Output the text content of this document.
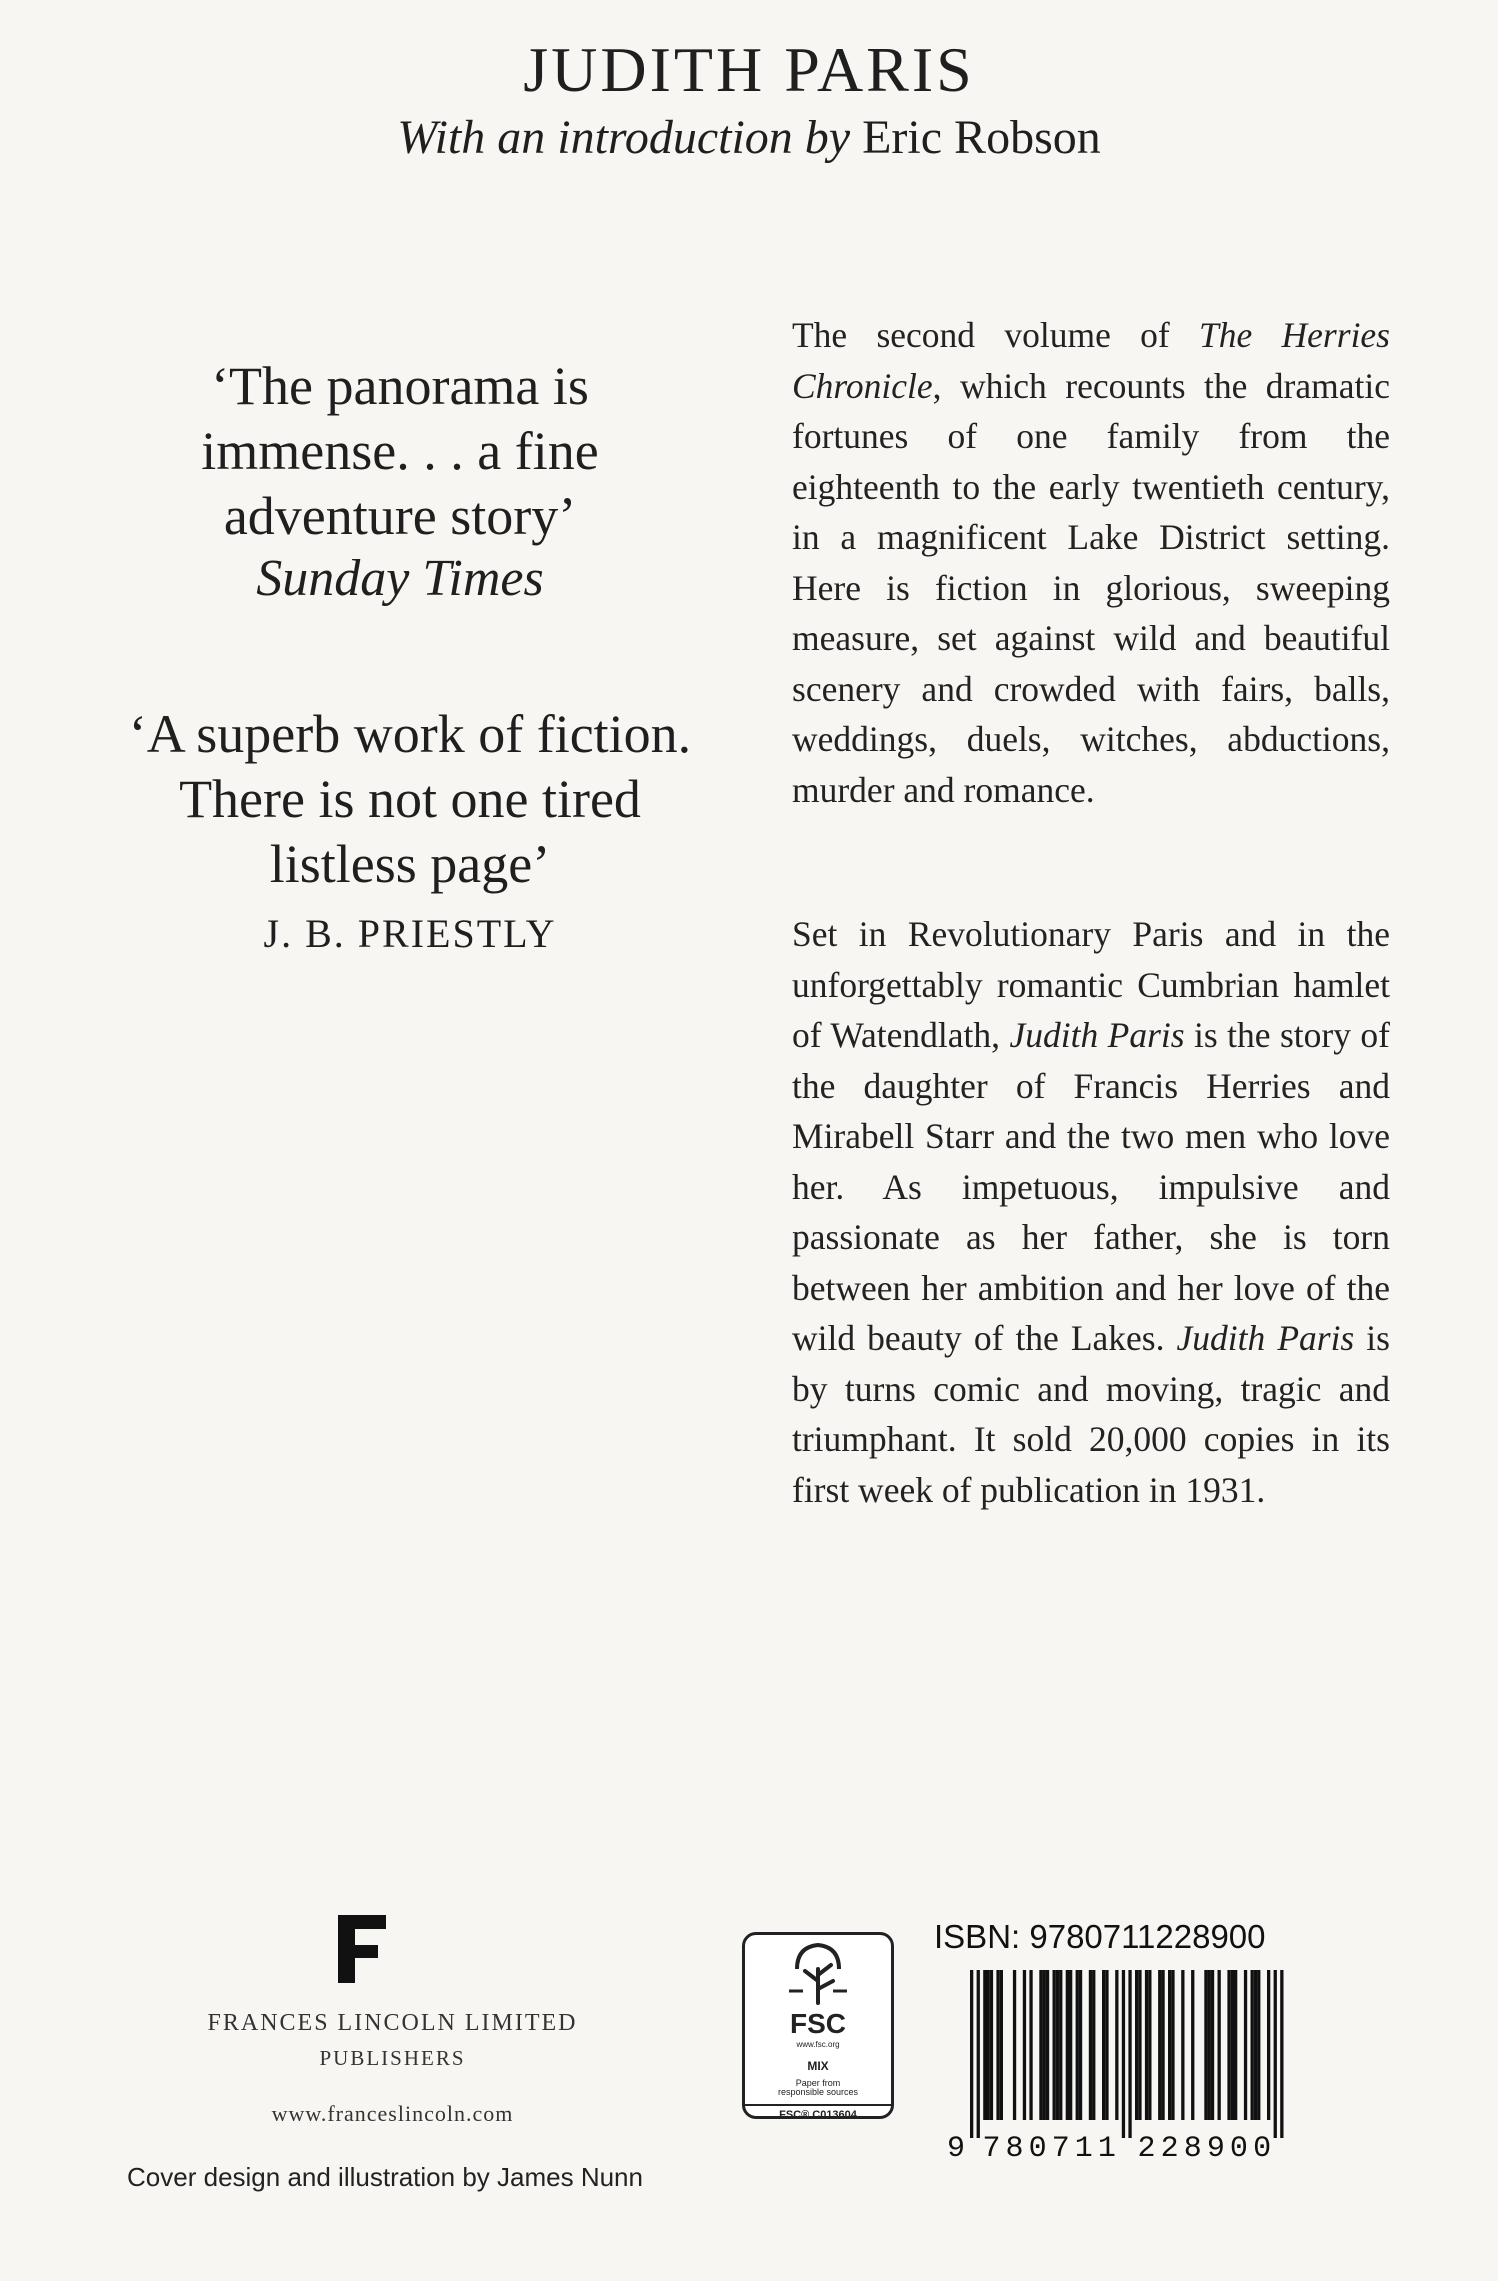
JUDITH PARIS
With an introduction by Eric Robson
‘The panorama is
immense. . . a fine
adventure story’
Sunday Times
‘A superb work of fiction.
There is not one tired
listless page’
J. B. PRIESTLY
The second volume of The Herries Chronicle, which recounts the dramatic fortunes of one family from the eighteenth to the early twentieth century, in a magnificent Lake District setting. Here is fiction in glorious, sweeping measure, set against wild and beautiful scenery and crowded with fairs, balls, weddings, duels, witches, abductions, murder and romance.
Set in Revolutionary Paris and in the unforgettably romantic Cumbrian hamlet of Watendlath, Judith Paris is the story of the daughter of Francis Herries and Mirabell Starr and the two men who love her. As impetuous, impulsive and passionate as her father, she is torn between her ambition and her love of the wild beauty of the Lakes. Judith Paris is by turns comic and moving, tragic and triumphant. It sold 20,000 copies in its first week of publication in 1931.
FRANCES LINCOLN LIMITED
PUBLISHERS
www.franceslincoln.com
Cover design and illustration by James Nunn
FSC
www.fsc.org
MIX
Paper from
responsible sources
FSC® C013604
ISBN: 9780711228900
9 7 8 0 7 1 1 2 2 8 9 0 0
